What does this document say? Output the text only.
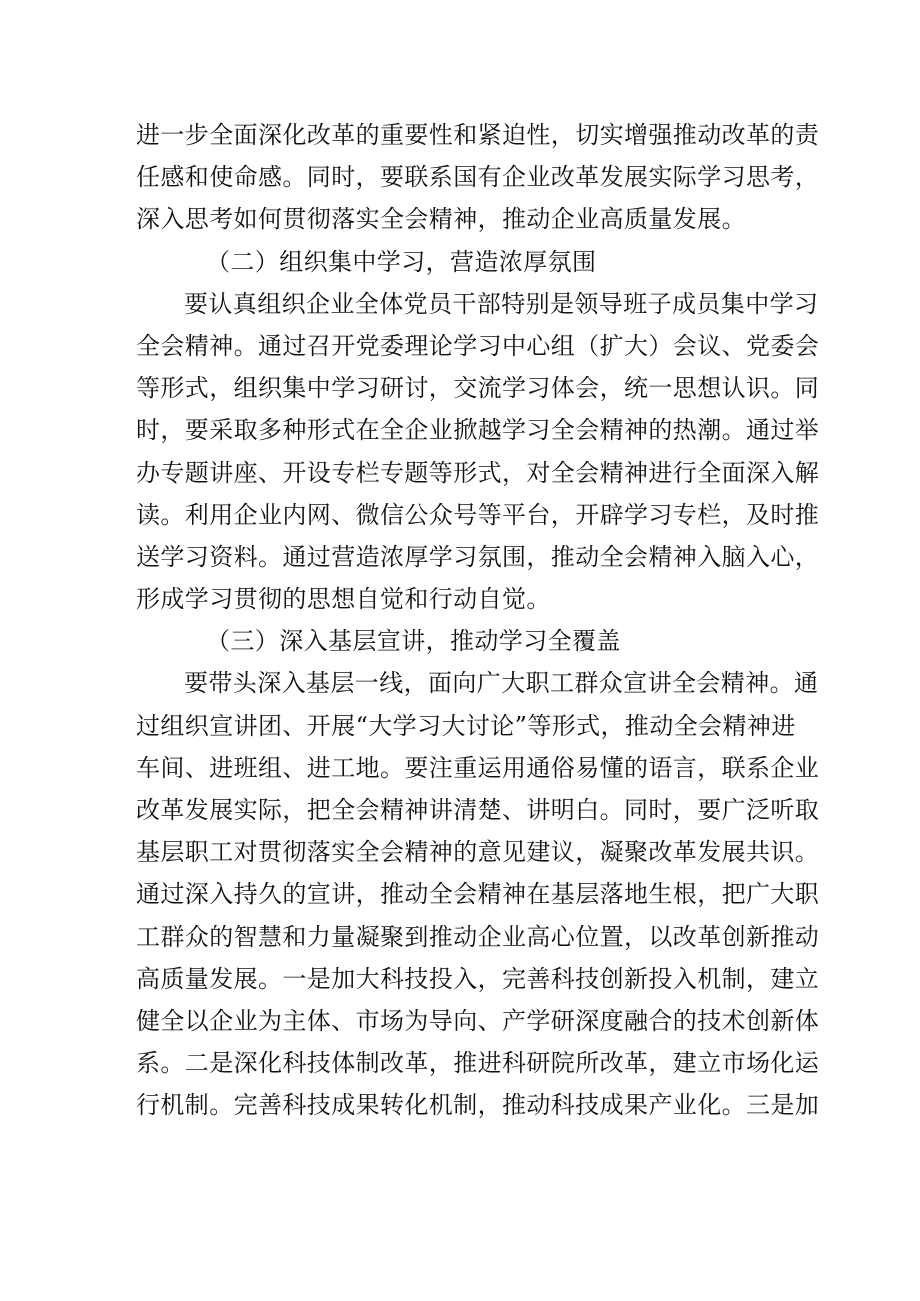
进一步全面深化改革的重要性和紧迫性，切实增强推动改革的责
任感和使命感。同时，要联系国有企业改革发展实际学习思考，
深入思考如何贯彻落实全会精神，推动企业高质量发展。
（二）组织集中学习，营造浓厚氛围
要认真组织企业全体党员干部特别是领导班子成员集中学习
全会精神。通过召开党委理论学习中心组（扩大）会议、党委会
等形式，组织集中学习研讨，交流学习体会，统一思想认识。同
时，要采取多种形式在全企业掀越学习全会精神的热潮。通过举
办专题讲座、开设专栏专题等形式，对全会精神进行全面深入解
读。利用企业内网、微信公众号等平台，开辟学习专栏，及时推
送学习资料。通过营造浓厚学习氛围，推动全会精神入脑入心，
形成学习贯彻的思想自觉和行动自觉。
（三）深入基层宣讲，推动学习全覆盖
要带头深入基层一线，面向广大职工群众宣讲全会精神。通
过组织宣讲团、开展“大学习大讨论”等形式，推动全会精神进
车间、进班组、进工地。要注重运用通俗易懂的语言，联系企业
改革发展实际，把全会精神讲清楚、讲明白。同时，要广泛听取
基层职工对贯彻落实全会精神的意见建议，凝聚改革发展共识。
通过深入持久的宣讲，推动全会精神在基层落地生根，把广大职
工群众的智慧和力量凝聚到推动企业高心位置，以改革创新推动
高质量发展。一是加大科技投入，完善科技创新投入机制，建立
健全以企业为主体、市场为导向、产学研深度融合的技术创新体
系。二是深化科技体制改革，推进科研院所改革，建立市场化运
行机制。完善科技成果转化机制，推动科技成果产业化。三是加
